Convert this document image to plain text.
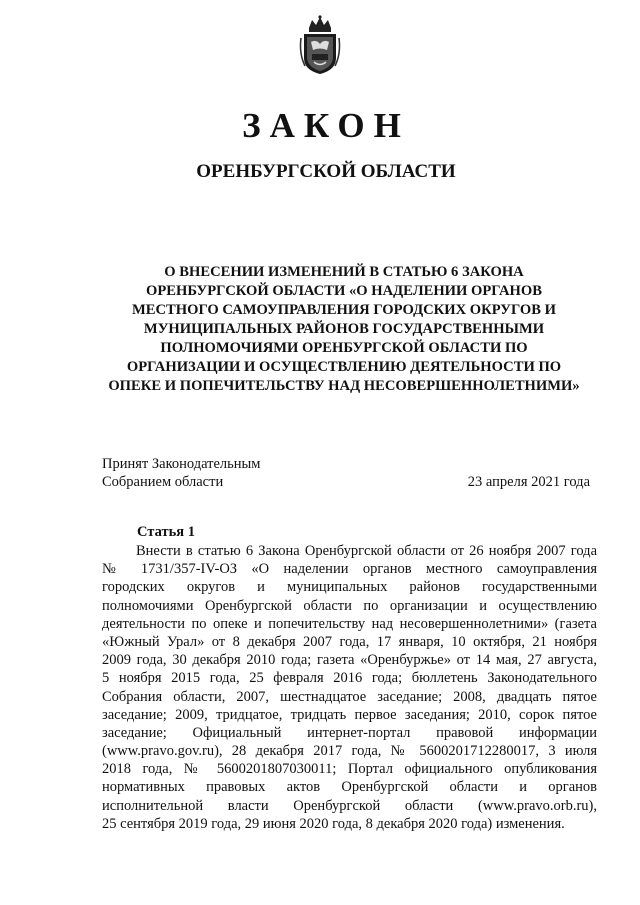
ЗАКОН
ОРЕНБУРГСКОЙ ОБЛАСТИ
О ВНЕСЕНИИ ИЗМЕНЕНИЙ В СТАТЬЮ 6 ЗАКОНА
ОРЕНБУРГСКОЙ ОБЛАСТИ «О НАДЕЛЕНИИ ОРГАНОВ
МЕСТНОГО САМОУПРАВЛЕНИЯ ГОРОДСКИХ ОКРУГОВ И
МУНИЦИПАЛЬНЫХ РАЙОНОВ ГОСУДАРСТВЕННЫМИ
ПОЛНОМОЧИЯМИ ОРЕНБУРГСКОЙ ОБЛАСТИ ПО
ОРГАНИЗАЦИИ И ОСУЩЕСТВЛЕНИЮ ДЕЯТЕЛЬНОСТИ ПО
ОПЕКЕ И ПОПЕЧИТЕЛЬСТВУ НАД НЕСОВЕРШЕННОЛЕТНИМИ»
Принят Законодательным
Собранием области	23 апреля 2021 года
Статья 1
Внести в статью 6 Закона Оренбургской области от 26 ноября 2007 года
№ 1731/357-IV-ОЗ «О наделении органов местного самоуправления
городских округов и муниципальных районов государственными
полномочиями Оренбургской области по организации и осуществлению
деятельности по опеке и попечительству над несовершеннолетними» (газета
«Южный Урал» от 8 декабря 2007 года, 17 января, 10 октября, 21 ноября
2009 года, 30 декабря 2010 года; газета «Оренбуржье» от 14 мая, 27 августа,
5 ноября 2015 года, 25 февраля 2016 года; бюллетень Законодательного
Собрания области, 2007, шестнадцатое заседание; 2008, двадцать пятое
заседание; 2009, тридцатое, тридцать первое заседания; 2010, сорок пятое
заседание; Официальный интернет-портал правовой информации
(www.pravo.gov.ru), 28 декабря 2017 года, № 5600201712280017, 3 июля
2018 года, № 5600201807030011; Портал официального опубликования
нормативных правовых актов Оренбургской области и органов
исполнительной власти Оренбургской области (www.pravo.orb.ru),
25 сентября 2019 года, 29 июня 2020 года, 8 декабря 2020 года) изменения.
